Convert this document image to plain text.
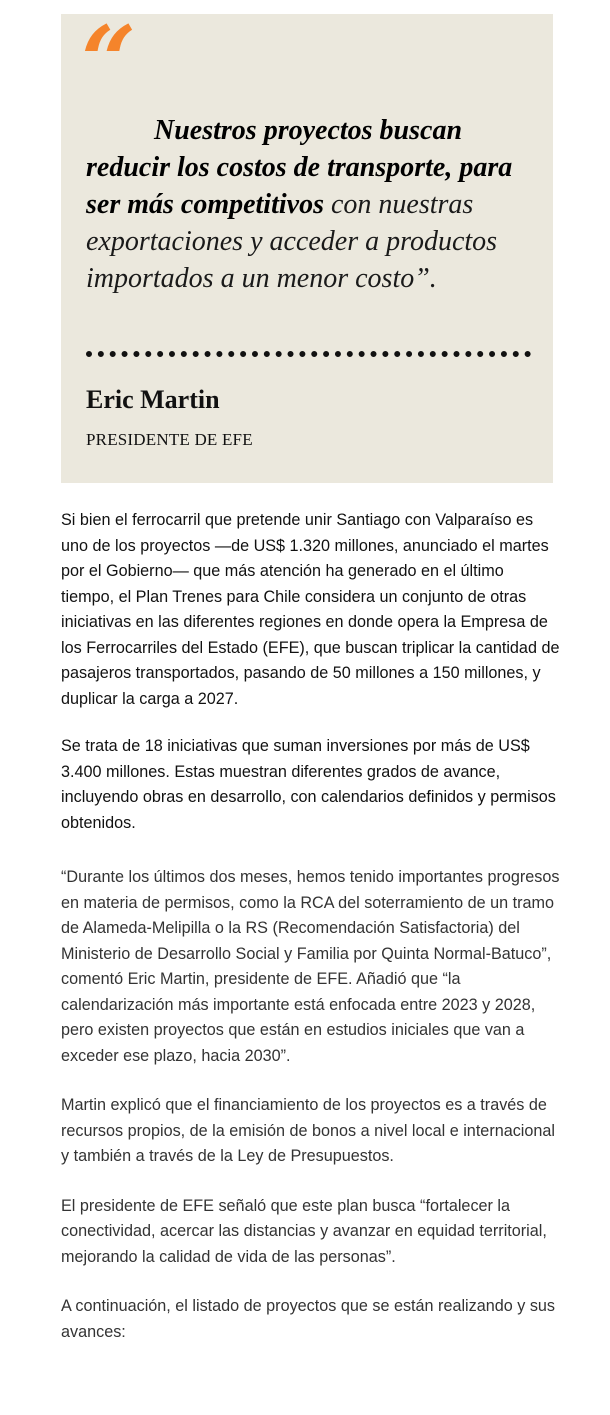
“

Nuestros proyectos buscan reducir los costos de transporte, para ser más competitivos con nuestras exportaciones y acceder a productos importados a un menor costo”.

Eric Martin
PRESIDENTE DE EFE

Si bien el ferrocarril que pretende unir Santiago con Valparaíso es uno de los proyectos —de US$ 1.320 millones, anunciado el martes por el Gobierno— que más atención ha generado en el último tiempo, el Plan Trenes para Chile considera un conjunto de otras iniciativas en las diferentes regiones en donde opera la Empresa de los Ferrocarriles del Estado (EFE), que buscan triplicar la cantidad de pasajeros transportados, pasando de 50 millones a 150 millones, y duplicar la carga a 2027.

Se trata de 18 iniciativas que suman inversiones por más de US$ 3.400 millones. Estas muestran diferentes grados de avance, incluyendo obras en desarrollo, con calendarios definidos y permisos obtenidos.

“Durante los últimos dos meses, hemos tenido importantes progresos en materia de permisos, como la RCA del soterramiento de un tramo de Alameda-Melipilla o la RS (Recomendación Satisfactoria) del Ministerio de Desarrollo Social y Familia por Quinta Normal-Batuco”, comentó Eric Martin, presidente de EFE. Añadió que “la calendarización más importante está enfocada entre 2023 y 2028, pero existen proyectos que están en estudios iniciales que van a exceder ese plazo, hacia 2030”.

Martin explicó que el financiamiento de los proyectos es a través de recursos propios, de la emisión de bonos a nivel local e internacional y también a través de la Ley de Presupuestos.

El presidente de EFE señaló que este plan busca “fortalecer la conectividad, acercar las distancias y avanzar en equidad territorial, mejorando la calidad de vida de las personas”.

A continuación, el listado de proyectos que se están realizando y sus avances:
